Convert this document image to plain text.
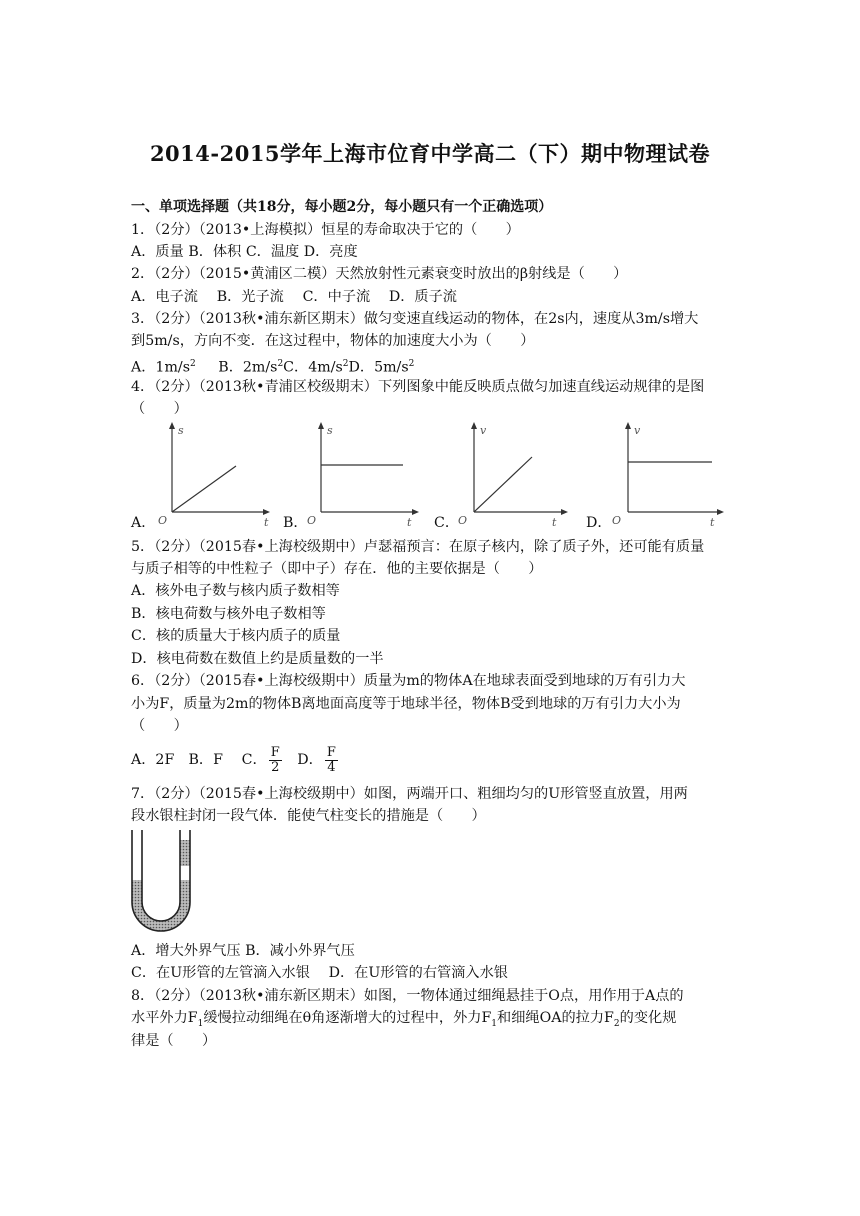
2014-2015学年上海市位育中学高二（下）期中物理试卷
一、单项选择题（共18分，每小题2分，每小题只有一个正确选项）
1．（2分）（2013•上海模拟）恒星的寿命取决于它的（　　）
A．质量 B．体积 C．温度 D．亮度
2．（2分）（2015•黄浦区二模）天然放射性元素衰变时放出的β射线是（　　）
A．电子流　 B．光子流　 C．中子流　 D．质子流
3．（2分）（2013秋•浦东新区期末）做匀变速直线运动的物体，在2s内，速度从3m/s增大
到5m/s，方向不变．在这过程中，物体的加速度大小为（　　）
A．$1m/s^2$ B．$2m/s^2C$．$4m/s^2D$．$5m/s^2$
4．（2分）（2013秋•青浦区校级期末）下列图象中能反映质点做匀加速直线运动规律的是图
（　　）
s
O	t
s
O	t
v
O	t
v
O	t
A．	B．	C．	D．
5．（2分）（2015春•上海校级期中）卢瑟福预言：在原子核内，除了质子外，还可能有质量
与质子相等的中性粒子（即中子）存在．他的主要依据是（　　）
A．核外电子数与核内质子数相等
B．核电荷数与核外电子数相等
C．核的质量大于核内质子的质量
D．核电荷数在数值上约是质量数的一半
6．（2分）（2015春•上海校级期中）质量为m的物体A在地球表面受到地球的万有引力大
小为F，质量为2m的物体B离地面高度等于地球半径，物体B受到地球的万有引力大小为
（　　）
A．2F　B．F　 C． $\frac{F}{2}$ D． $\frac{F}{4}$
7．（2分）（2015春•上海校级期中）如图，两端开口、粗细均匀的U形管竖直放置，用两
段水银柱封闭一段气体．能使气柱变长的措施是（　　）
A．增大外界气压 B．减小外界气压
C．在U形管的左管滴入水银　 D．在U形管的右管滴入水银
8．（2分）（2013秋•浦东新区期末）如图，一物体通过细绳悬挂于O点，用作用于A点的
水平外力$F_1$缓慢拉动细绳在θ角逐渐增大的过程中，外力$F_1$和细绳OA的拉力$F_2$的变化规
律是（　　）
